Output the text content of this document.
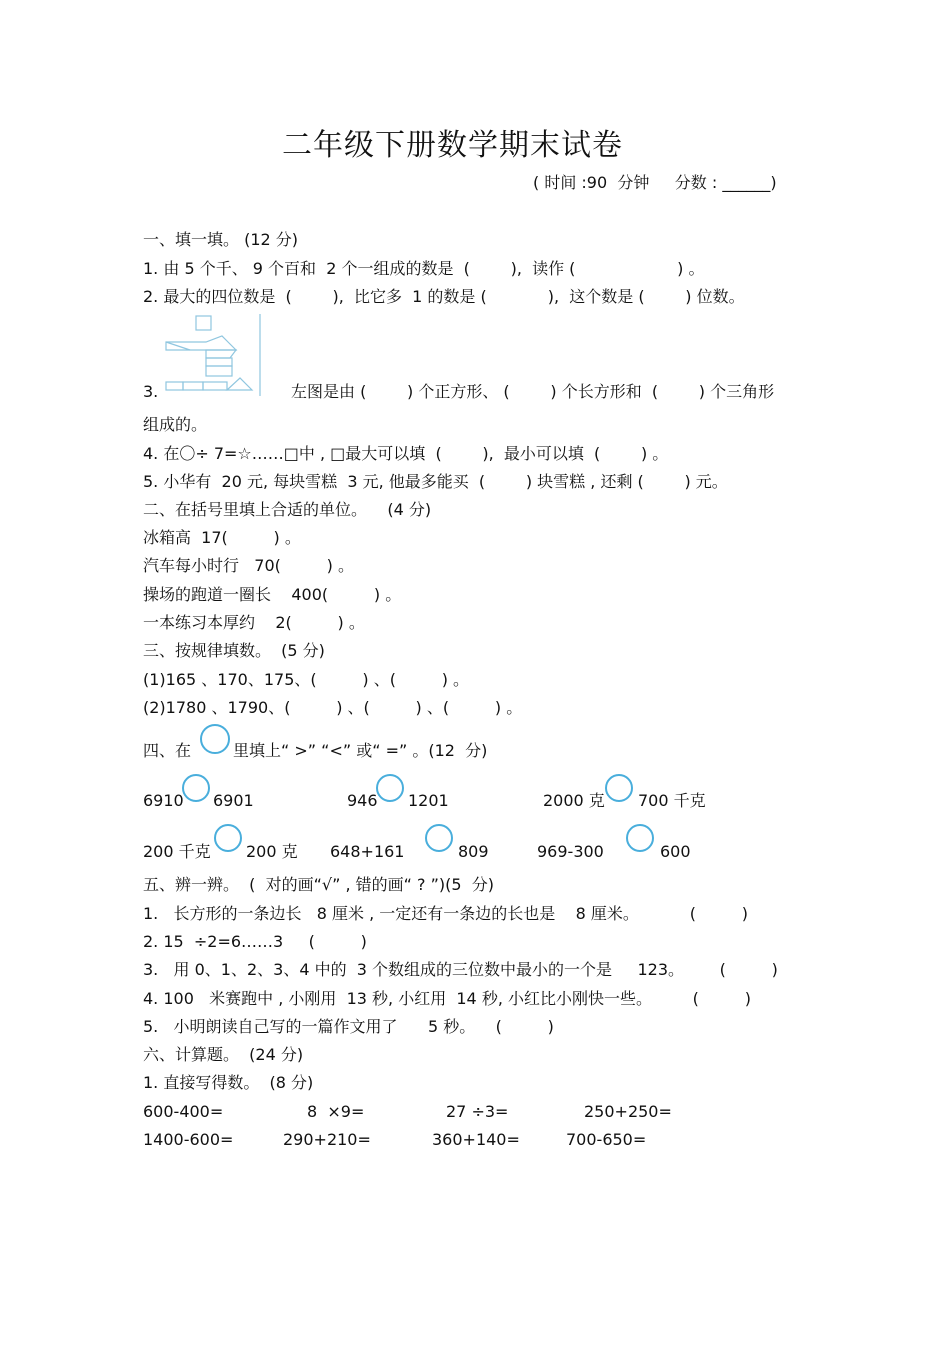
二年级下册数学期末试卷
( 时间 :90  分钟     分数 : ______)
一、填一填。 (12 分)
1. 由 5 个千、 9 个百和  2 个一组成的数是  (        ),  读作 (                    ) 。
2. 最大的四位数是  (        ),  比它多  1 的数是 (            ),  这个数是 (        ) 位数。
3.	左图是由 (        ) 个正方形、 (        ) 个长方形和  (        ) 个三角形
组成的。
4. 在〇÷ 7=☆……□中 , □最大可以填  (        ),  最小可以填  (        ) 。
5. 小华有  20 元, 每块雪糕  3 元, 他最多能买  (        ) 块雪糕 , 还剩 (        ) 元。
二、在括号里填上合适的单位。    (4 分)
冰箱高  17(         ) 。
汽车每小时行   70(         ) 。
操场的跑道一圈长    400(         ) 。
一本练习本厚约    2(         ) 。
三、按规律填数。  (5 分)
(1)165 、170、175、(         ) 、(         ) 。
(2)1780 、1790、(         ) 、(         ) 、(         ) 。
四、在	里填上“ >” “<” 或“ =” 。(12  分)
6910 6901	946 1201	2000 克 700 千克
200 千克 200 克 648+161	809	969-300	600
五、辨一辨。  (  对的画“√” , 错的画“ ? ”)(5  分)
1.   长方形的一条边长   8 厘米 , 一定还有一条边的长也是    8 厘米。          (         )
2. 15  ÷2=6……3     (         )
3.   用 0、1、2、3、4 中的  3 个数组成的三位数中最小的一个是     123。       (         )
4. 100   米赛跑中 , 小刚用  13 秒, 小红用  14 秒, 小红比小刚快一些。        (         )
5.   小明朗读自己写的一篇作文用了      5 秒。    (         )
六、计算题。  (24 分)
1. 直接写得数。  (8 分)
600-400=	8  ×9=	27 ÷3=	250+250=
1400-600=	290+210=	360+140=	700-650=
